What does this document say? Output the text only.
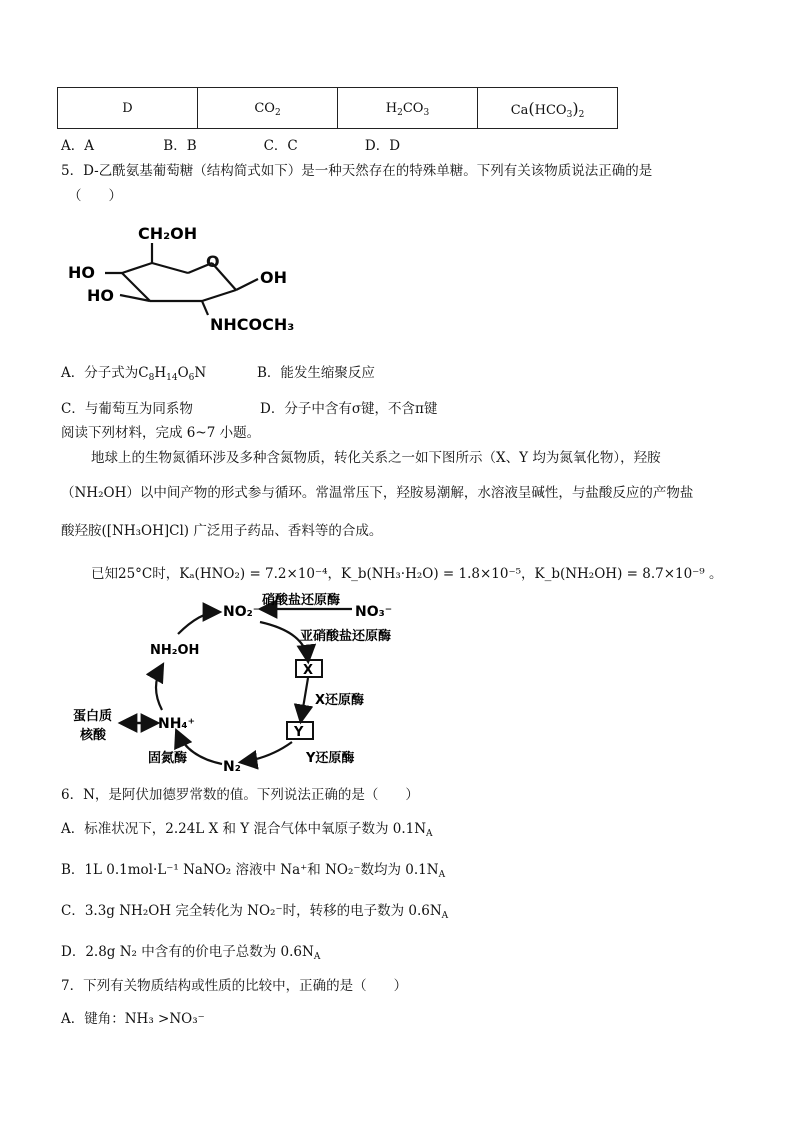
D	$CO_2$	$H_2CO_3$	$Ca(HCO_3)_2$
A．A	B．B	C．C	D．D
5．D-乙酰氨基葡萄糖（结构简式如下）是一种天然存在的特殊单糖。下列有关该物质说法正确的是
（　　）
CH₂OH
HO
HO
O
OH
NHCOCH₃
A．分子式为$C_8H_{14}O_6N$	B．能发生缩聚反应
C．与葡萄互为同系物	D．分子中含有σ键，不含π键
阅读下列材料，完成 6~7 小题。
地球上的生物氮循环涉及多种含氮物质，转化关系之一如下图所示（X、Y 均为氮氧化物），羟胺
（NH₂OH）以中间产物的形式参与循环。常温常压下，羟胺易潮解，水溶液呈碱性，与盐酸反应的产物盐
酸羟胺([NH₃OH]Cl) 广泛用子药品、香料等的合成。
已知25°C时，Kₐ(HNO₂) = 7.2×10⁻⁴，K_b(NH₃·H₂O) = 1.8×10⁻⁵，K_b(NH₂OH) = 8.7×10⁻⁹ 。
NO₂⁻
硝酸盐还原酶
NO₃⁻
亚硝酸盐还原酶
X
X还原酶
Y
Y还原酶
N₂
固氮酶
NH₄⁺
NH₂OH
蛋白质
核酸
6．N，是阿伏加德罗常数的值。下列说法正确的是（　　）
A．标准状况下，2.24L X 和 Y 混合气体中氧原子数为 $0.1N_A$
B．1L 0.1mol·L⁻¹ NaNO₂ 溶液中 Na⁺和 NO₂⁻数均为 $0.1N_A$
C．3.3g NH₂OH 完全转化为 NO₂⁻时，转移的电子数为 $0.6N_A$
D．2.8g N₂ 中含有的价电子总数为 $0.6N_A$
7．下列有关物质结构或性质的比较中，正确的是（　　）
A．键角：NH₃ >NO₃⁻
